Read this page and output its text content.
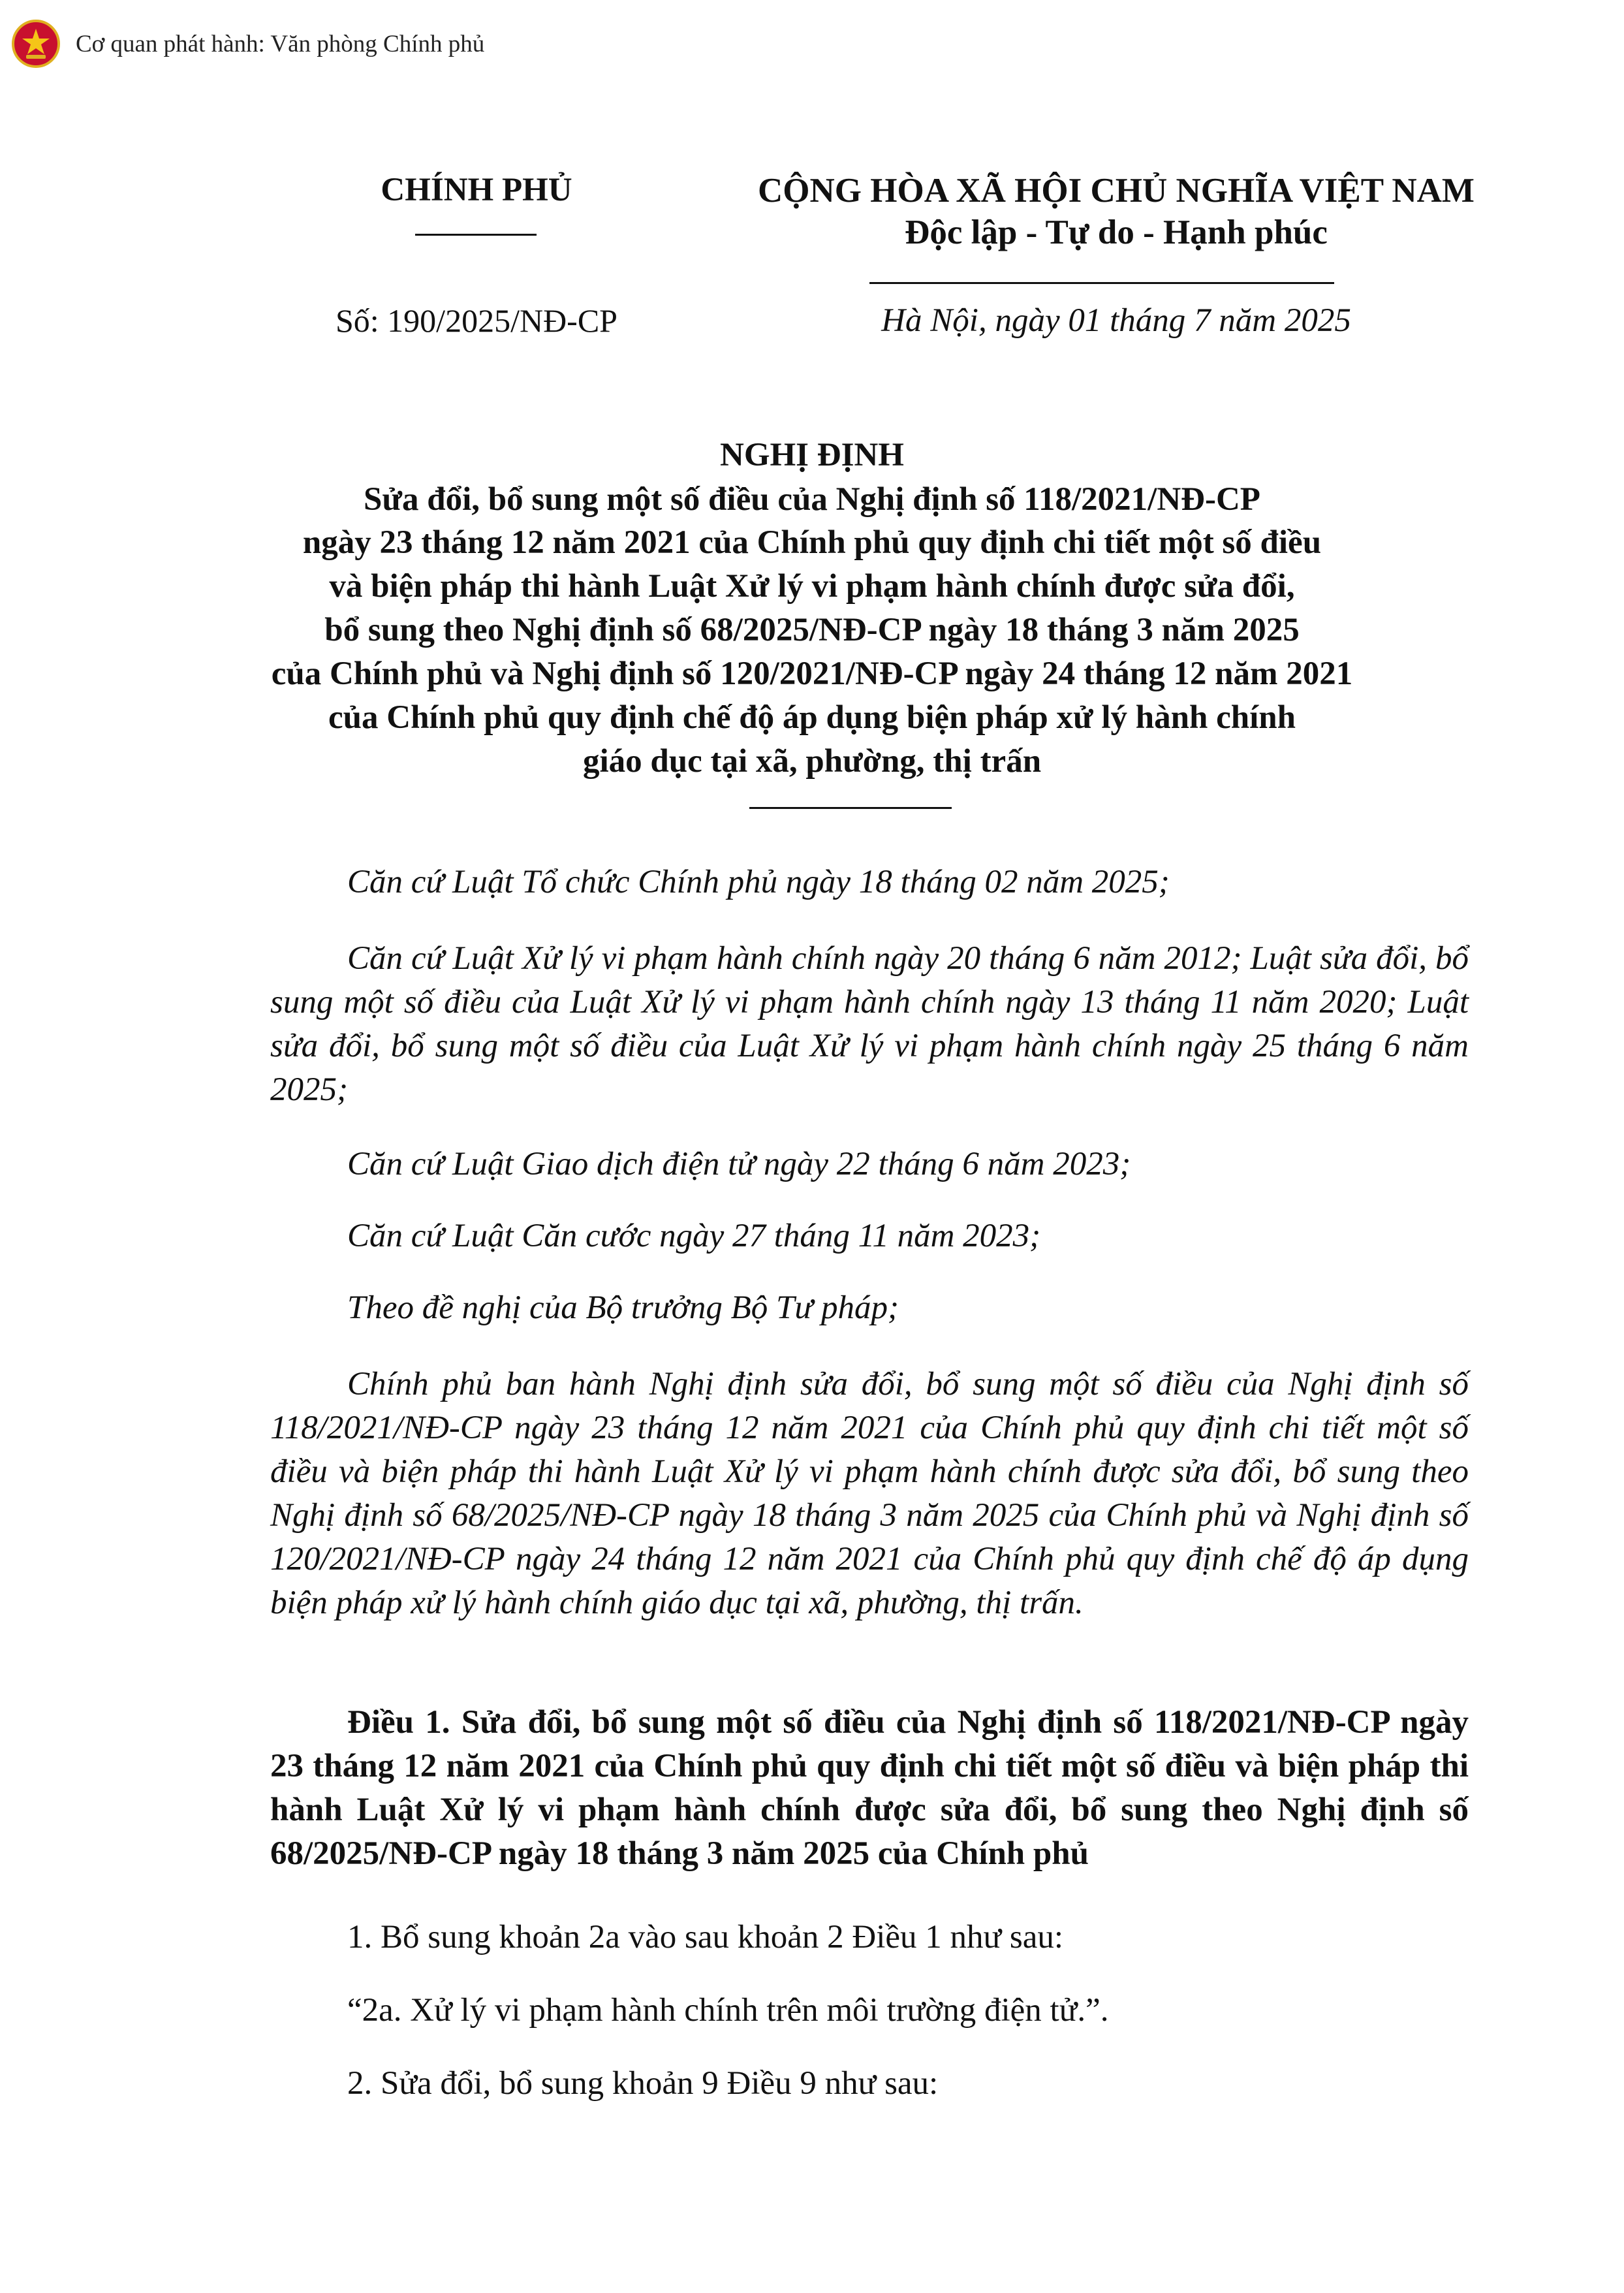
Cơ quan phát hành: Văn phòng Chính phủ
CHÍNH PHỦ	CỘNG HÒA XÃ HỘI CHỦ NGHĨA VIỆT NAM
Độc lập - Tự do - Hạnh phúc
Số: 190/2025/NĐ-CP	Hà Nội, ngày 01 tháng 7 năm 2025
NGHỊ ĐỊNH
Sửa đổi, bổ sung một số điều của Nghị định số 118/2021/NĐ-CP
ngày 23 tháng 12 năm 2021 của Chính phủ quy định chi tiết một số điều
và biện pháp thi hành Luật Xử lý vi phạm hành chính được sửa đổi,
bổ sung theo Nghị định số 68/2025/NĐ-CP ngày 18 tháng 3 năm 2025
của Chính phủ và Nghị định số 120/2021/NĐ-CP ngày 24 tháng 12 năm 2021
của Chính phủ quy định chế độ áp dụng biện pháp xử lý hành chính
giáo dục tại xã, phường, thị trấn
Căn cứ Luật Tổ chức Chính phủ ngày 18 tháng 02 năm 2025;
Căn cứ Luật Xử lý vi phạm hành chính ngày 20 tháng 6 năm 2012; Luật sửa đổi, bổ sung một số điều của Luật Xử lý vi phạm hành chính ngày 13 tháng 11 năm 2020; Luật sửa đổi, bổ sung một số điều của Luật Xử lý vi phạm hành chính ngày 25 tháng 6 năm 2025;
Căn cứ Luật Giao dịch điện tử ngày 22 tháng 6 năm 2023;
Căn cứ Luật Căn cước ngày 27 tháng 11 năm 2023;
Theo đề nghị của Bộ trưởng Bộ Tư pháp;
Chính phủ ban hành Nghị định sửa đổi, bổ sung một số điều của Nghị định số 118/2021/NĐ-CP ngày 23 tháng 12 năm 2021 của Chính phủ quy định chi tiết một số điều và biện pháp thi hành Luật Xử lý vi phạm hành chính được sửa đổi, bổ sung theo Nghị định số 68/2025/NĐ-CP ngày 18 tháng 3 năm 2025 của Chính phủ và Nghị định số 120/2021/NĐ-CP ngày 24 tháng 12 năm 2021 của Chính phủ quy định chế độ áp dụng biện pháp xử lý hành chính giáo dục tại xã, phường, thị trấn.
Điều 1. Sửa đổi, bổ sung một số điều của Nghị định số 118/2021/NĐ-CP ngày 23 tháng 12 năm 2021 của Chính phủ quy định chi tiết một số điều và biện pháp thi hành Luật Xử lý vi phạm hành chính được sửa đổi, bổ sung theo Nghị định số 68/2025/NĐ-CP ngày 18 tháng 3 năm 2025 của Chính phủ
1. Bổ sung khoản 2a vào sau khoản 2 Điều 1 như sau:
“2a. Xử lý vi phạm hành chính trên môi trường điện tử.”.
2. Sửa đổi, bổ sung khoản 9 Điều 9 như sau:
